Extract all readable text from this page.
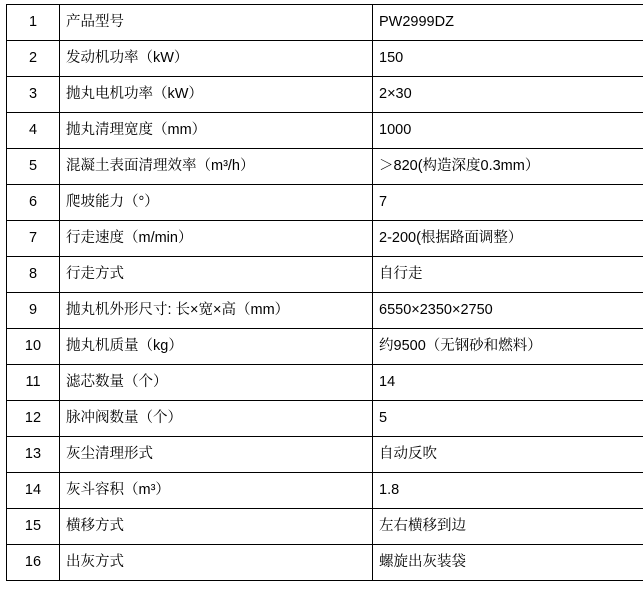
1	产品型号	PW2999DZ
2	发动机功率（kW）	150
3	抛丸电机功率（kW）	2×30
4	抛丸清理宽度（mm）	1000
5	混凝土表面清理效率（m³/h）	＞820(构造深度0.3mm）
6	爬坡能力（°）	7
7	行走速度（m/min）	2-200(根据路面调整）
8	行走方式	自行走
9	抛丸机外形尺寸: 长×宽×高（mm）	6550×2350×2750
10	抛丸机质量（kg）	约9500（无钢砂和燃料）
11	滤芯数量（个）	14
12	脉冲阀数量（个）	5
13	灰尘清理形式	自动反吹
14	灰斗容积（m³）	1.8
15	横移方式	左右横移到边
16	出灰方式	螺旋出灰装袋
